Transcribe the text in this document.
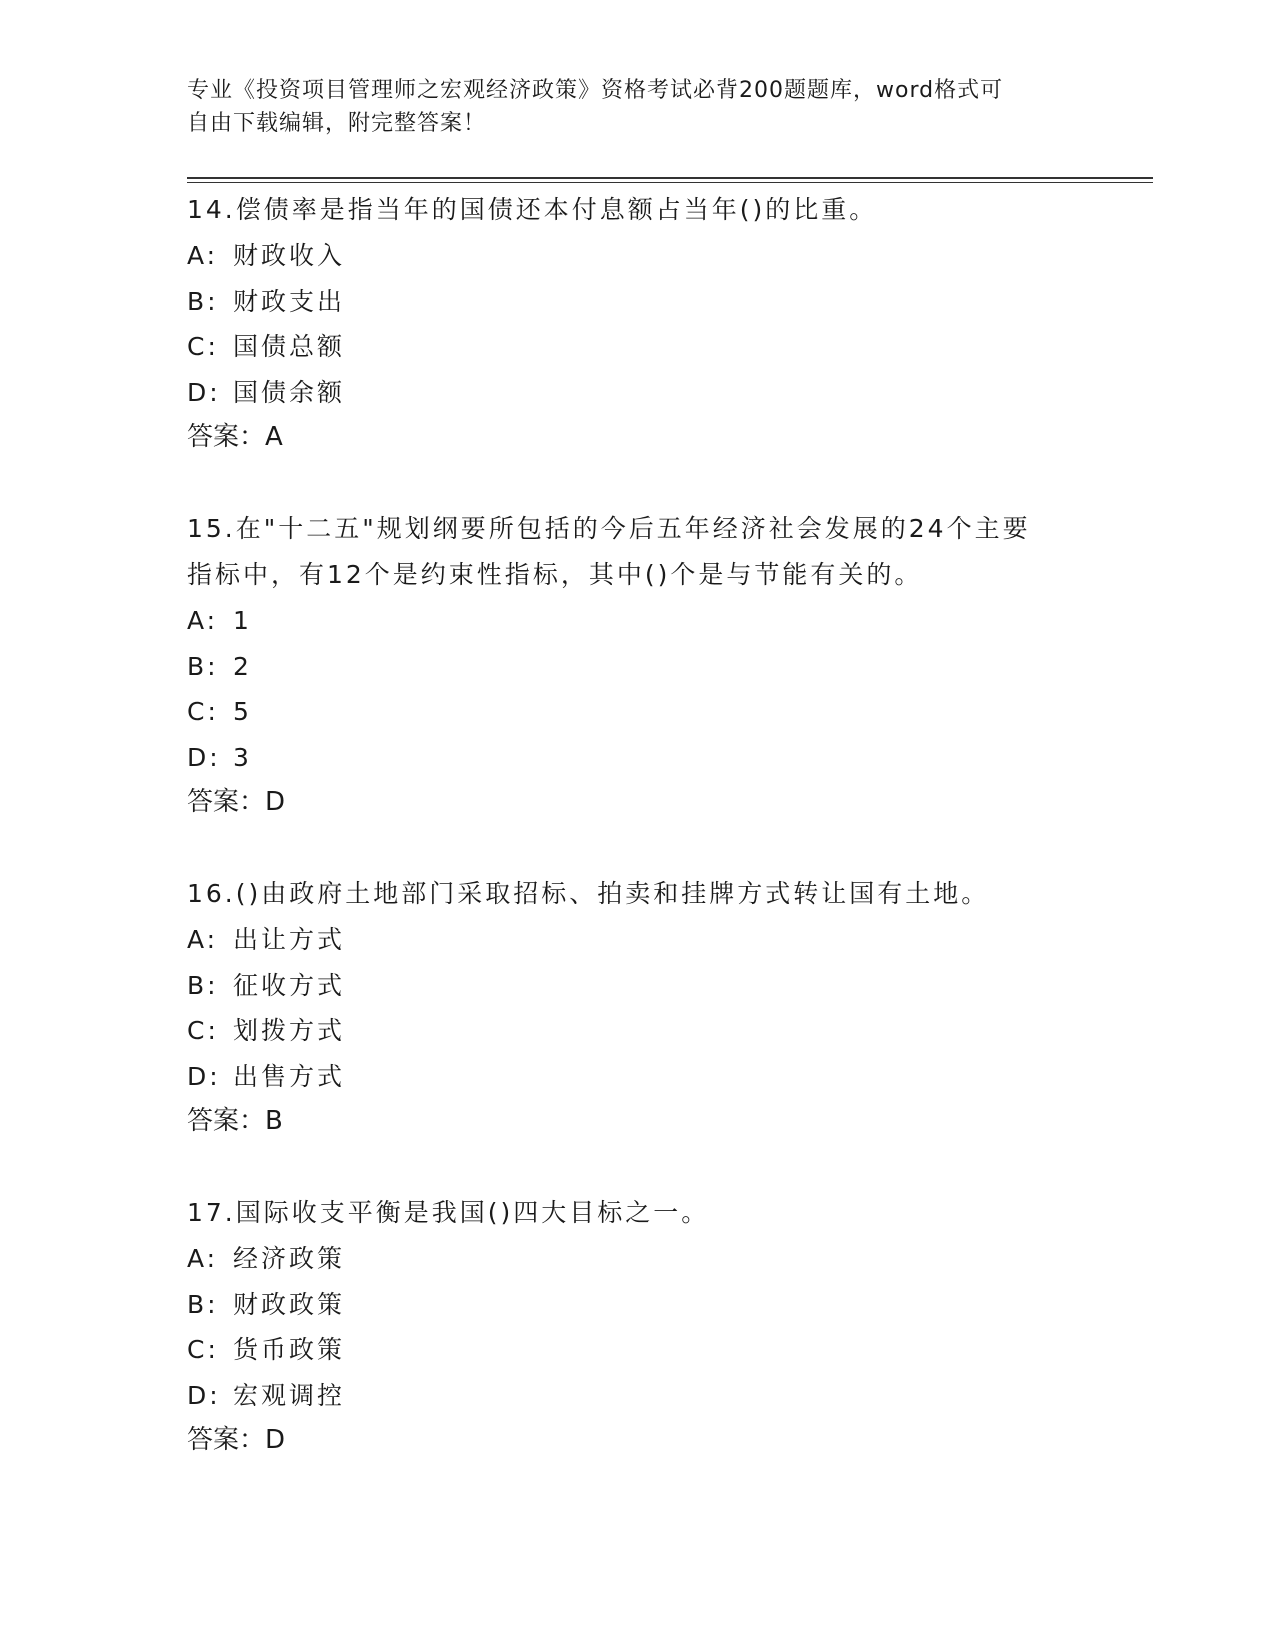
专业《投资项目管理师之宏观经济政策》资格考试必背200题题库，word格式可
自由下载编辑，附完整答案！

14.偿债率是指当年的国债还本付息额占当年()的比重。

A: 财政收入

B: 财政支出

C: 国债总额

D: 国债余额

答案：A

15.在"十二五"规划纲要所包括的今后五年经济社会发展的24个主要

指标中，有12个是约束性指标，其中()个是与节能有关的。

A: 1

B: 2

C: 5

D: 3

答案：D

16.()由政府土地部门采取招标、拍卖和挂牌方式转让国有土地。

A: 出让方式

B: 征收方式

C: 划拨方式

D: 出售方式

答案：B

17.国际收支平衡是我国()四大目标之一。

A: 经济政策

B: 财政政策

C: 货币政策

D: 宏观调控

答案：D
